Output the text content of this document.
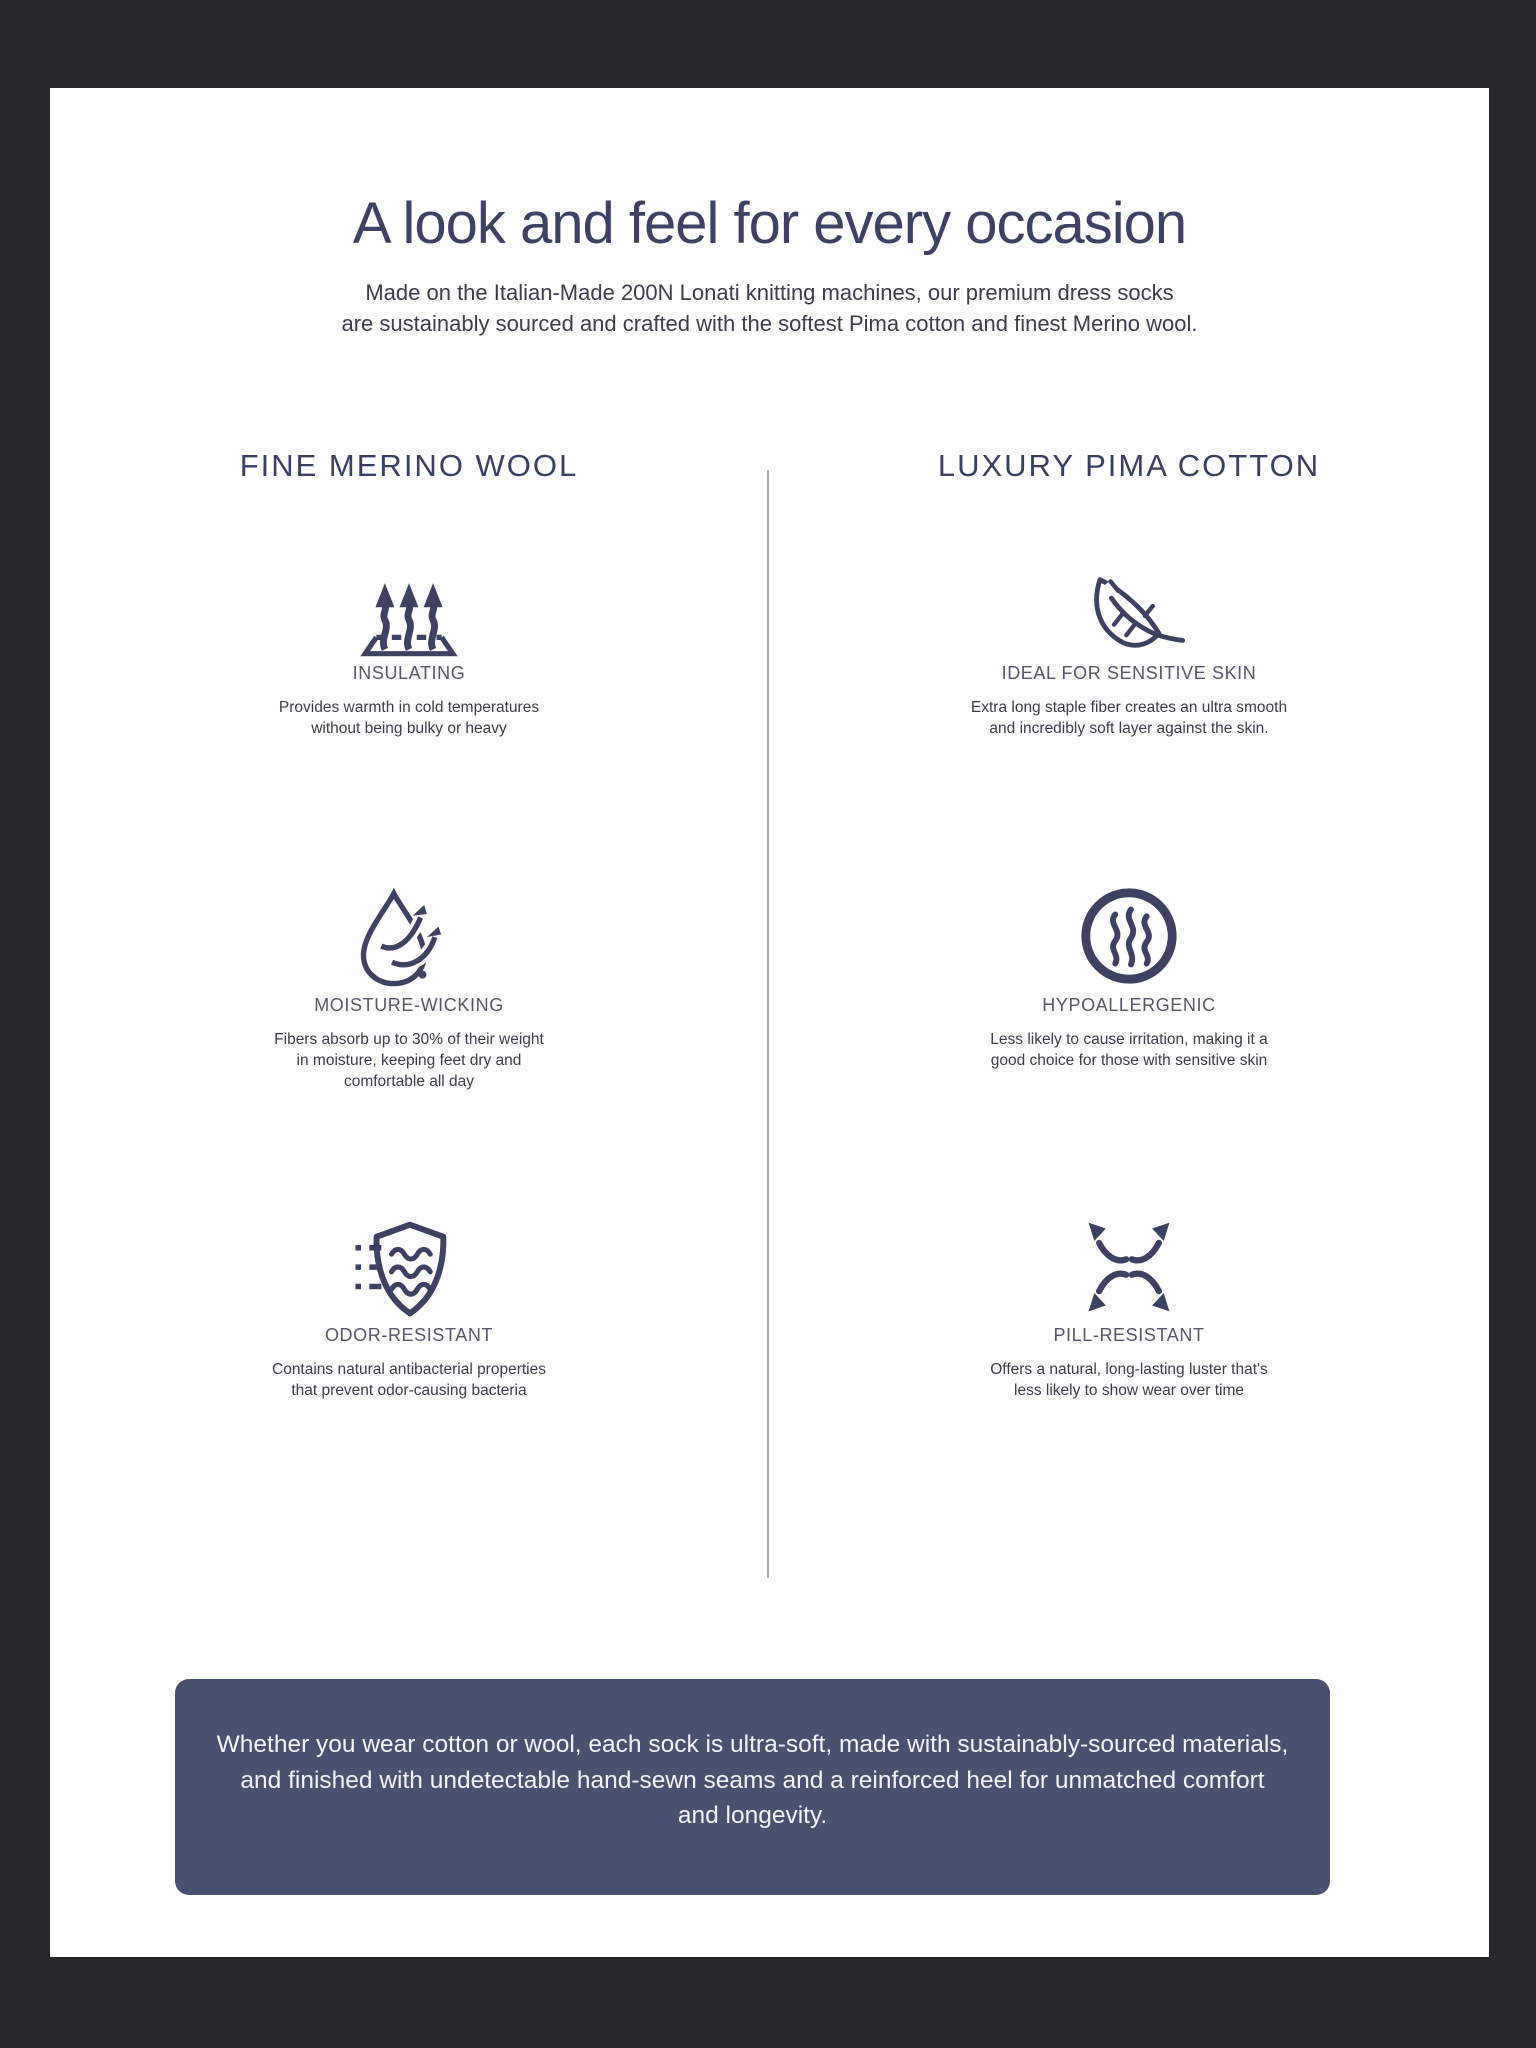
A look and feel for every occasion
Made on the Italian-Made 200N Lonati knitting machines, our premium dress socks
are sustainably sourced and crafted with the softest Pima cotton and finest Merino wool.
FINE MERINO WOOL	LUXURY PIMA COTTON
INSULATING
Provides warmth in cold temperatures
without being bulky or heavy
MOISTURE-WICKING
Fibers absorb up to 30% of their weight
in moisture, keeping feet dry and
comfortable all day
ODOR-RESISTANT
Contains natural antibacterial properties
that prevent odor-causing bacteria
IDEAL FOR SENSITIVE SKIN
Extra long staple fiber creates an ultra smooth
and incredibly soft layer against the skin.
HYPOALLERGENIC
Less likely to cause irritation, making it a
good choice for those with sensitive skin
PILL-RESISTANT
Offers a natural, long-lasting luster that's
less likely to show wear over time
Whether you wear cotton or wool, each sock is ultra-soft, made with sustainably-sourced materials,
and finished with undetectable hand-sewn seams and a reinforced heel for unmatched comfort
and longevity.
